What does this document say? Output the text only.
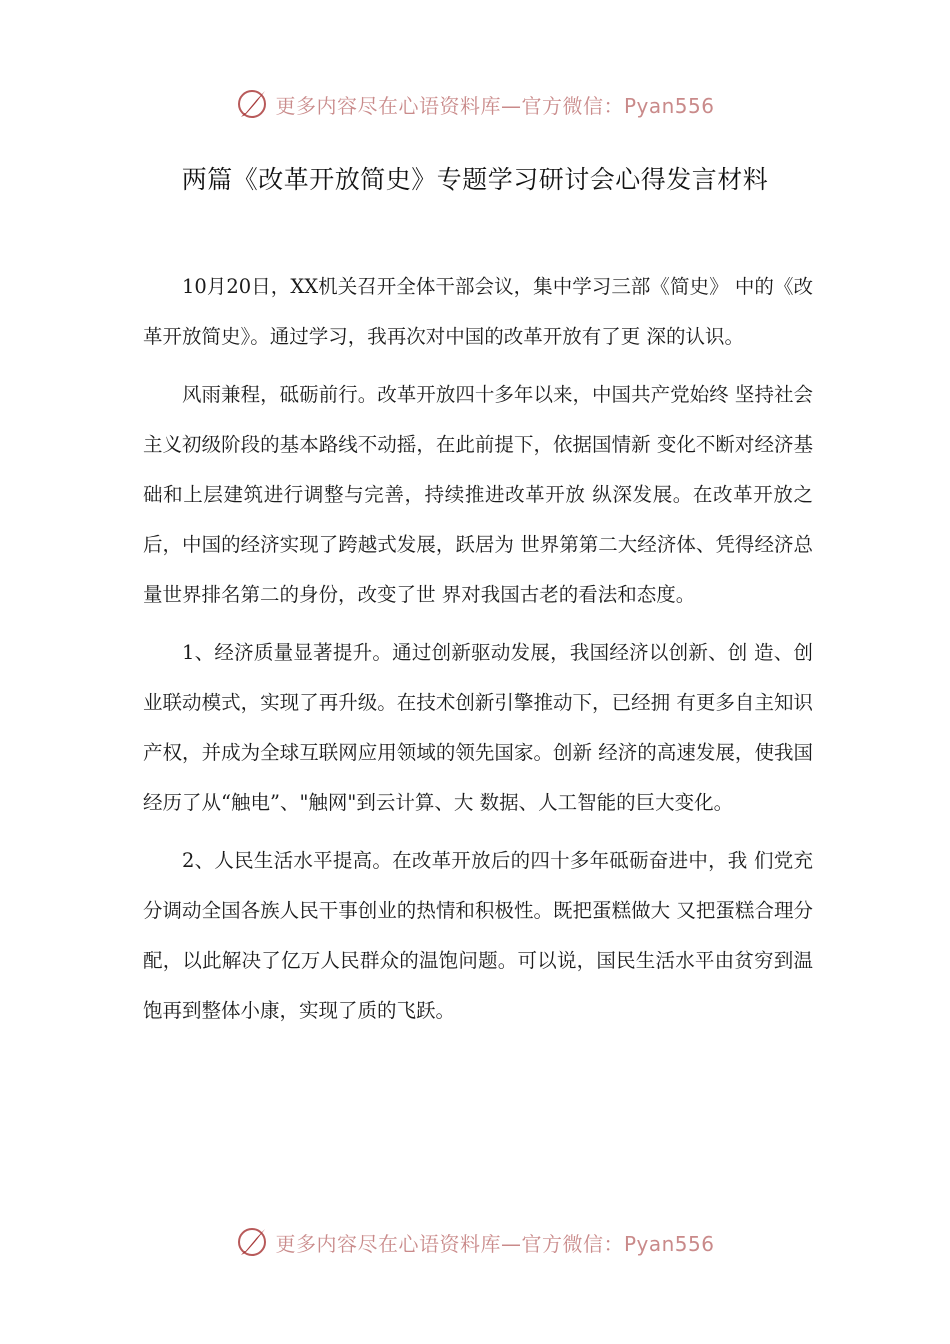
更多内容尽在心语资料库—官方微信：Pyan556
两篇《改革开放简史》专题学习研讨会心得发言材料

10月20日，XX机关召开全体干部会议，集中学习三部《简史》 中的《改革开放简史》。通过学习，我再次对中国的改革开放有了更 深的认识。

风雨兼程，砥砺前行。改革开放四十多年以来，中国共产党始终 坚持社会主义初级阶段的基本路线不动摇，在此前提下，依据国情新 变化不断对经济基础和上层建筑进行调整与完善，持续推进改革开放 纵深发展。在改革开放之后，中国的经济实现了跨越式发展，跃居为 世界第第二大经济体、凭得经济总量世界排名第二的身份，改变了世 界对我国古老的看法和态度。

1、经济质量显著提升。通过创新驱动发展，我国经济以创新、创 造、创业联动模式，实现了再升级。在技术创新引擎推动下，已经拥 有更多自主知识产权，并成为全球互联网应用领域的领先国家。创新 经济的高速发展，使我国经历了从“触电”、"触网"到云计算、大 数据、人工智能的巨大变化。

2、人民生活水平提高。在改革开放后的四十多年砥砺奋进中，我 们党充分调动全国各族人民干事创业的热情和积极性。既把蛋糕做大 又把蛋糕合理分配，以此解决了亿万人民群众的温饱问题。可以说，国民生活水平由贫穷到温饱再到整体小康，实现了质的飞跃。

更多内容尽在心语资料库—官方微信：Pyan556
